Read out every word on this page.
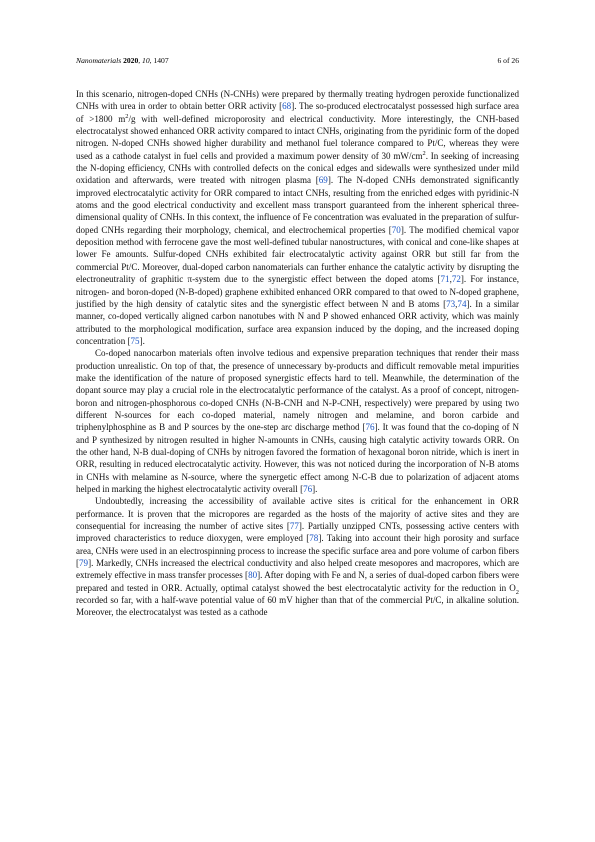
Nanomaterials 2020, 10, 1407	6 of 26

In this scenario, nitrogen-doped CNHs (N-CNHs) were prepared by thermally treating hydrogen peroxide functionalized CNHs with urea in order to obtain better ORR activity [68]. The so-produced electrocatalyst possessed high surface area of >1800 $m^2/g$ with well-defined microporosity and electrical conductivity. More interestingly, the CNH-based electrocatalyst showed enhanced ORR activity compared to intact CNHs, originating from the pyridinic form of the doped nitrogen. N-doped CNHs showed higher durability and methanol fuel tolerance compared to Pt/C, whereas they were used as a cathode catalyst in fuel cells and provided a maximum power density of 30 $mW/cm^2$. In seeking of increasing the N-doping efficiency, CNHs with controlled defects on the conical edges and sidewalls were synthesized under mild oxidation and afterwards, were treated with nitrogen plasma [69]. The N-doped CNHs demonstrated significantly improved electrocatalytic activity for ORR compared to intact CNHs, resulting from the enriched edges with pyridinic-N atoms and the good electrical conductivity and excellent mass transport guaranteed from the inherent spherical three-dimensional quality of CNHs. In this context, the influence of Fe concentration was evaluated in the preparation of sulfur-doped CNHs regarding their morphology, chemical, and electrochemical properties [70]. The modified chemical vapor deposition method with ferrocene gave the most well-defined tubular nanostructures, with conical and cone-like shapes at lower Fe amounts. Sulfur-doped CNHs exhibited fair electrocatalytic activity against ORR but still far from the commercial Pt/C. Moreover, dual-doped carbon nanomaterials can further enhance the catalytic activity by disrupting the electroneutrality of graphitic π-system due to the synergistic effect between the doped atoms [71,72]. For instance, nitrogen- and boron-doped (N-B-doped) graphene exhibited enhanced ORR compared to that owed to N-doped graphene, justified by the high density of catalytic sites and the synergistic effect between N and B atoms [73,74]. In a similar manner, co-doped vertically aligned carbon nanotubes with N and P showed enhanced ORR activity, which was mainly attributed to the morphological modification, surface area expansion induced by the doping, and the increased doping concentration [75].

Co-doped nanocarbon materials often involve tedious and expensive preparation techniques that render their mass production unrealistic. On top of that, the presence of unnecessary by-products and difficult removable metal impurities make the identification of the nature of proposed synergistic effects hard to tell. Meanwhile, the determination of the dopant source may play a crucial role in the electrocatalytic performance of the catalyst. As a proof of concept, nitrogen-boron and nitrogen-phosphorous co-doped CNHs (N-B-CNH and N-P-CNH, respectively) were prepared by using two different N-sources for each co-doped material, namely nitrogen and melamine, and boron carbide and triphenylphosphine as B and P sources by the one-step arc discharge method [76]. It was found that the co-doping of N and P synthesized by nitrogen resulted in higher N-amounts in CNHs, causing high catalytic activity towards ORR. On the other hand, N-B dual-doping of CNHs by nitrogen favored the formation of hexagonal boron nitride, which is inert in ORR, resulting in reduced electrocatalytic activity. However, this was not noticed during the incorporation of N-B atoms in CNHs with melamine as N-source, where the synergetic effect among N-C-B due to polarization of adjacent atoms helped in marking the highest electrocatalytic activity overall [76].

Undoubtedly, increasing the accessibility of available active sites is critical for the enhancement in ORR performance. It is proven that the micropores are regarded as the hosts of the majority of active sites and they are consequential for increasing the number of active sites [77]. Partially unzipped CNTs, possessing active centers with improved characteristics to reduce dioxygen, were employed [78]. Taking into account their high porosity and surface area, CNHs were used in an electrospinning process to increase the specific surface area and pore volume of carbon fibers [79]. Markedly, CNHs increased the electrical conductivity and also helped create mesopores and macropores, which are extremely effective in mass transfer processes [80]. After doping with Fe and N, a series of dual-doped carbon fibers were prepared and tested in ORR. Actually, optimal catalyst showed the best electrocatalytic activity for the reduction in $O_2$ recorded so far, with a half-wave potential value of 60 mV higher than that of the commercial Pt/C, in alkaline solution. Moreover, the electrocatalyst was tested as a cathode
